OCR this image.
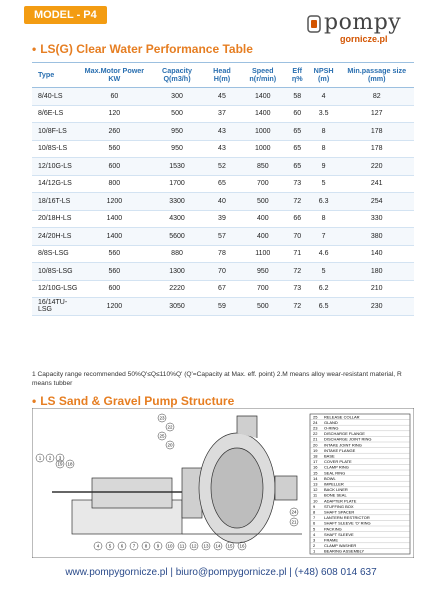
MODEL - P4	pompy
gornicze.pl
• LS(G) Clear Water Performance Table
Type	Max.Motor Power KW	Capacity Q(m3/h)	Head H(m)	Speed n(r/min)	Eff η%	NPSH (m)	Min.passage size (mm)
8/40-LS	60	300	45	1400	58	4	82
8/6E-LS	120	500	37	1400	60	3.5	127
10/8F-LS	260	950	43	1000	65	8	178
10/8S-LS	560	950	43	1000	65	8	178
12/10G-LS	600	1530	52	850	65	9	220
14/12G-LS	800	1700	65	700	73	5	241
18/16T-LS	1200	3300	40	500	72	6.3	254
20/18H-LS	1400	4300	39	400	66	8	330
24/20H-LS	1400	5600	57	400	70	7	380
8/8S-LSG	560	880	78	1100	71	4.6	140
10/8S-LSG	560	1300	70	950	72	5	180
12/10G-LSG	600	2220	67	700	73	6.2	210
16/14TU-LSG	1200	3050	59	500	72	6.5	230
1 Capacity range recommended 50%Q'≤Q≤110%Q' (Q'=Capacity at Max. eff. point) 2.M means alloy wear-resistant material, R means tubber
• LS Sand & Gravel Pump Structure
4 5 6 7 8 9 10 11 12 13 14 15 16
23
22
25
20
1 2 3
19 18
24
21
25 RELEASE COLLAR
24 GLAND
23 O-RING
22 DISCHARGE FLANGE
21 DISCHARGE JOINT RING
20 INTAKE JOINT RING
19 INTAKE FLANGE
18 BASE
17 COVER PLATE
16 CLAMP RING
15 SEAL RING
14 BOWL
13 IMPELLER
12 BACK LINER
11 BONE SEAL
10 ADAPTER PLATE
9 STUFFING BOX
8 SHAFT SPACER
7 LANTERN RESTRICTOR
6 SHAFT SLEEVE 'O' RING
5 PACKING
4 SHAFT SLEEVE
3 FRAME
2 CLAMP WASHER
1 BEARING ASSEMBLY
www.pompygornicze.pl | biuro@pompygornicze.pl | (+48) 608 014 637
